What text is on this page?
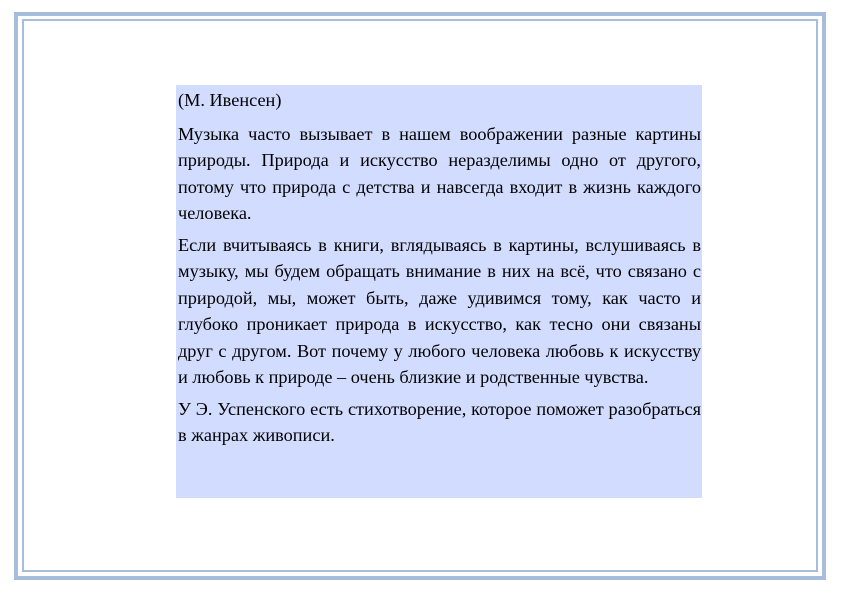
(М. Ивенсен)

Музыка часто вызывает в нашем воображении разные картины природы. Природа и искусство неразделимы одно от другого, потому что природа с детства и навсегда входит в жизнь каждого человека.

Если вчитываясь в книги, вглядываясь в картины, вслушиваясь в музыку, мы будем обращать внимание в них на всё, что связано с природой, мы, может быть, даже удивимся тому, как часто и глубоко проникает природа в искусство, как тесно они связаны друг с другом. Вот почему у любого человека любовь к искусству и любовь к природе – очень близкие и родственные чувства.

У Э. Успенского есть стихотворение, которое поможет разобраться в жанрах живописи.
